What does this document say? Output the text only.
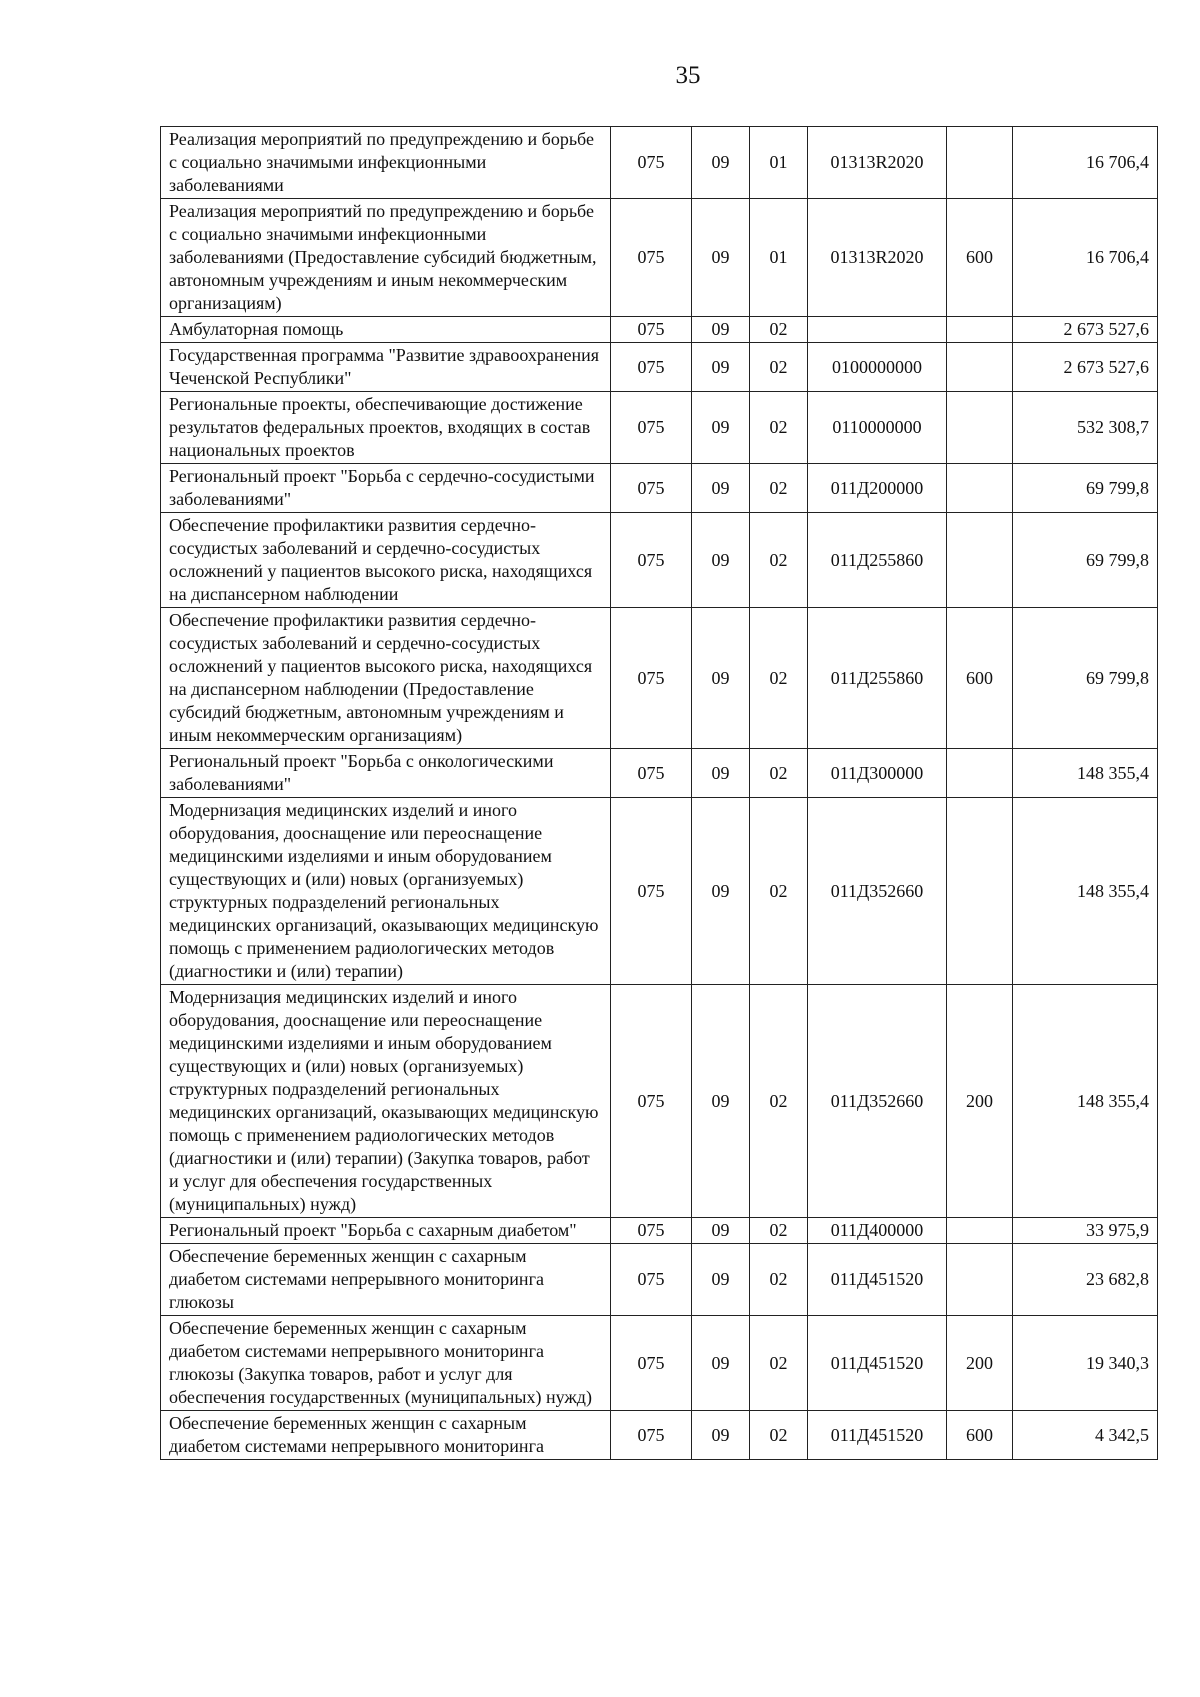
35
Реализация мероприятий по предупреждению и борьбе с социально значимыми инфекционными заболеваниями	075	09	01	01313R2020		16 706,4
Реализация мероприятий по предупреждению и борьбе с социально значимыми инфекционными заболеваниями (Предоставление субсидий бюджетным, автономным учреждениям и иным некоммерческим организациям)	075	09	01	01313R2020	600	16 706,4
Амбулаторная помощь	075	09	02			2 673 527,6
Государственная программа "Развитие здравоохранения Чеченской Республики"	075	09	02	0100000000		2 673 527,6
Региональные проекты, обеспечивающие достижение результатов федеральных проектов, входящих в состав национальных проектов	075	09	02	0110000000		532 308,7
Региональный проект "Борьба с сердечно-сосудистыми заболеваниями"	075	09	02	011Д200000		69 799,8
Обеспечение профилактики развития сердечно-сосудистых заболеваний и сердечно-сосудистых осложнений у пациентов высокого риска, находящихся на диспансерном наблюдении	075	09	02	011Д255860		69 799,8
Обеспечение профилактики развития сердечно-сосудистых заболеваний и сердечно-сосудистых осложнений у пациентов высокого риска, находящихся на диспансерном наблюдении (Предоставление субсидий бюджетным, автономным учреждениям и иным некоммерческим организациям)	075	09	02	011Д255860	600	69 799,8
Региональный проект "Борьба с онкологическими заболеваниями"	075	09	02	011Д300000		148 355,4
Модернизация медицинских изделий и иного оборудования, дооснащение или переоснащение медицинскими изделиями и иным оборудованием существующих и (или) новых (организуемых) структурных подразделений региональных медицинских организаций, оказывающих медицинскую помощь с применением радиологических методов (диагностики и (или) терапии)	075	09	02	011Д352660		148 355,4
Модернизация медицинских изделий и иного оборудования, дооснащение или переоснащение медицинскими изделиями и иным оборудованием существующих и (или) новых (организуемых) структурных подразделений региональных медицинских организаций, оказывающих медицинскую помощь с применением радиологических методов (диагностики и (или) терапии) (Закупка товаров, работ и услуг для обеспечения государственных (муниципальных) нужд)	075	09	02	011Д352660	200	148 355,4
Региональный проект "Борьба с сахарным диабетом"	075	09	02	011Д400000		33 975,9
Обеспечение беременных женщин с сахарным диабетом системами непрерывного мониторинга глюкозы	075	09	02	011Д451520		23 682,8
Обеспечение беременных женщин с сахарным диабетом системами непрерывного мониторинга глюкозы (Закупка товаров, работ и услуг для обеспечения государственных (муниципальных) нужд)	075	09	02	011Д451520	200	19 340,3
Обеспечение беременных женщин с сахарным диабетом системами непрерывного мониторинга	075	09	02	011Д451520	600	4 342,5
